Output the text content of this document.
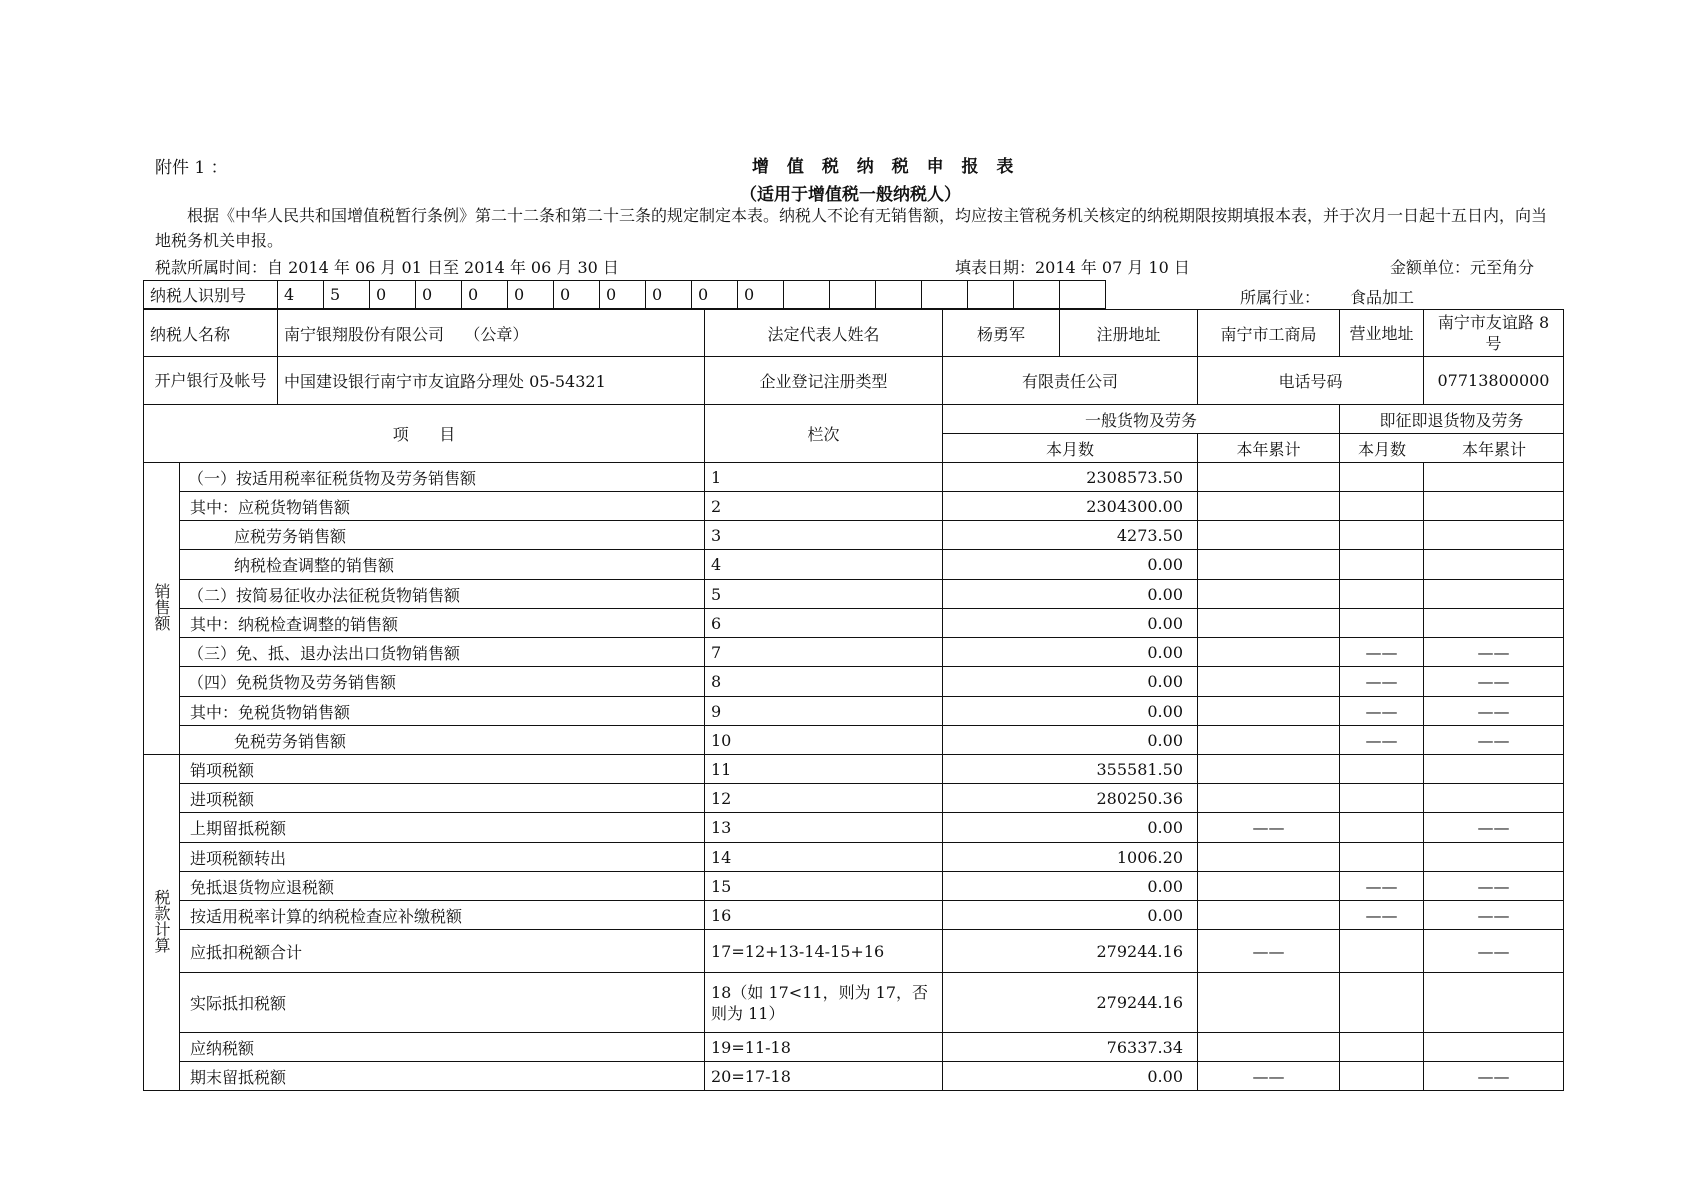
附件 1 ：	增 值 税 纳 税 申 报 表
（适用于增值税一般纳税人）
根据《中华人民共和国增值税暂行条例》第二十二条和第二十三条的规定制定本表。纳税人不论有无销售额，均应按主管税务机关核定的纳税期限按期填报本表，并于次月一日起十五日内，向当地税务机关申报。
税款所属时间：自 2014 年 06 月 01 日至 2014 年 06 月 30 日	填表日期：2014 年 07 月 10 日	金额单位：元至角分
纳税人识别号	4	5	0	0	0	0	0	0	0	0	0								所属行业： 食品加工
纳税人名称	南宁银翔股份有限公司    （公章）	法定代表人姓名	杨勇军	注册地址	南宁市工商局	营业地址	南宁市友谊路 8 号
开户银行及帐号	中国建设银行南宁市友谊路分理处 05-54321	企业登记注册类型	有限责任公司		电话号码		07713800000
项      目		栏次	一般货物及劳务		即征即退货物及劳务	
			本月数	本年累计	本月数 本年累计	
销售额	（一）按适用税率征税货物及劳务销售额	1	2308573.50			
	其中：应税货物销售额	2	2304300.00			
	应税劳务销售额	3	4273.50			
	纳税检查调整的销售额	4	0.00			
	（二）按简易征收办法征税货物销售额	5	0.00			
	其中：纳税检查调整的销售额	6	0.00			
	（三）免、抵、退办法出口货物销售额	7	0.00		——	——
	（四）免税货物及劳务销售额	8	0.00		——	——
	其中：免税货物销售额	9	0.00		——	——
	免税劳务销售额	10	0.00		——	——
税款计算	销项税额	11	355581.50			
	进项税额	12	280250.36			
	上期留抵税额	13	0.00	——		——
	进项税额转出	14	1006.20			
	免抵退货物应退税额	15	0.00		——	——
	按适用税率计算的纳税检查应补缴税额	16	0.00		——	——
	应抵扣税额合计	17=12+13-14-15+16	279244.16	——		——
	实际抵扣税额	18（如 17<11，则为 17，否则为 11）	279244.16			
	应纳税额	19=11-18	76337.34			
	期末留抵税额	20=17-18	0.00	——		——
